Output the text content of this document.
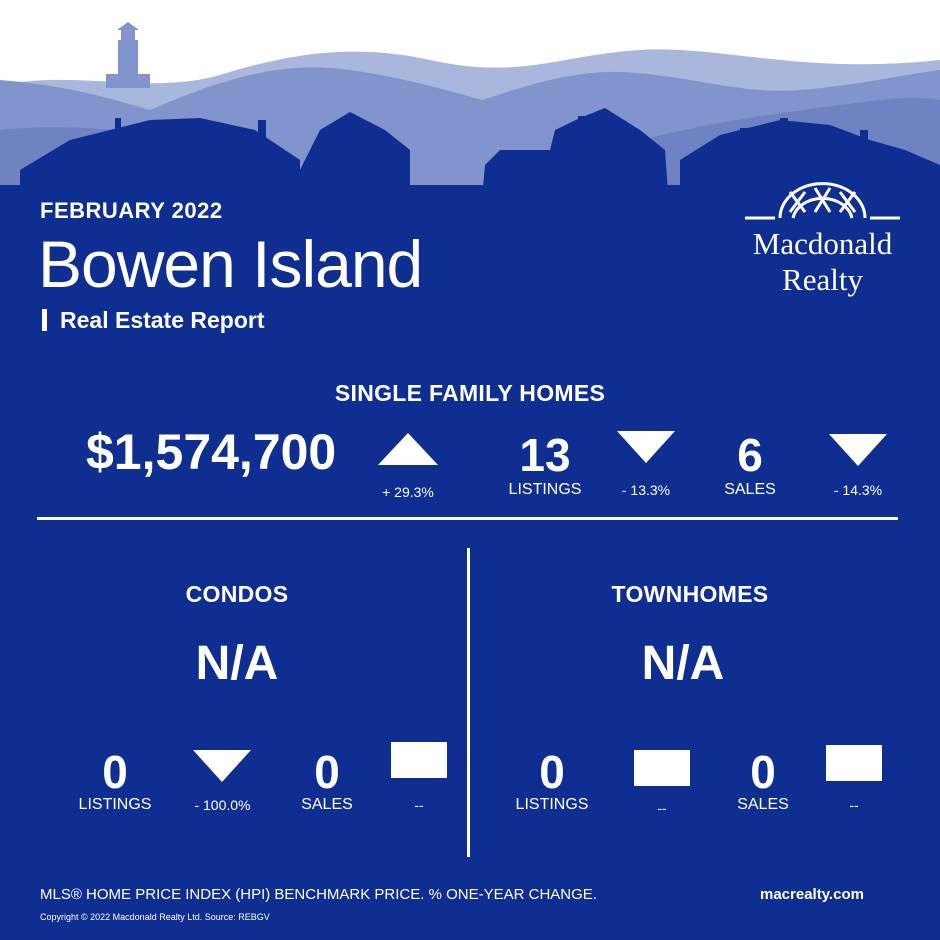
FEBRUARY 2022
Bowen Island
Real Estate Report
Macdonald
Realty
SINGLE FAMILY HOMES
$1,574,700
+ 29.3%
13
LISTINGS	- 13.3%
6
SALES	- 14.3%
CONDOS
N/A
0
LISTINGS	- 100.0%
0
SALES	--
TOWNHOMES
N/A
0
LISTINGS	--
0
SALES	--
MLS® HOME PRICE INDEX (HPI) BENCHMARK PRICE. % ONE-YEAR CHANGE.
Copyright © 2022 Macdonald Realty Ltd. Source: REBGV
macrealty.com
